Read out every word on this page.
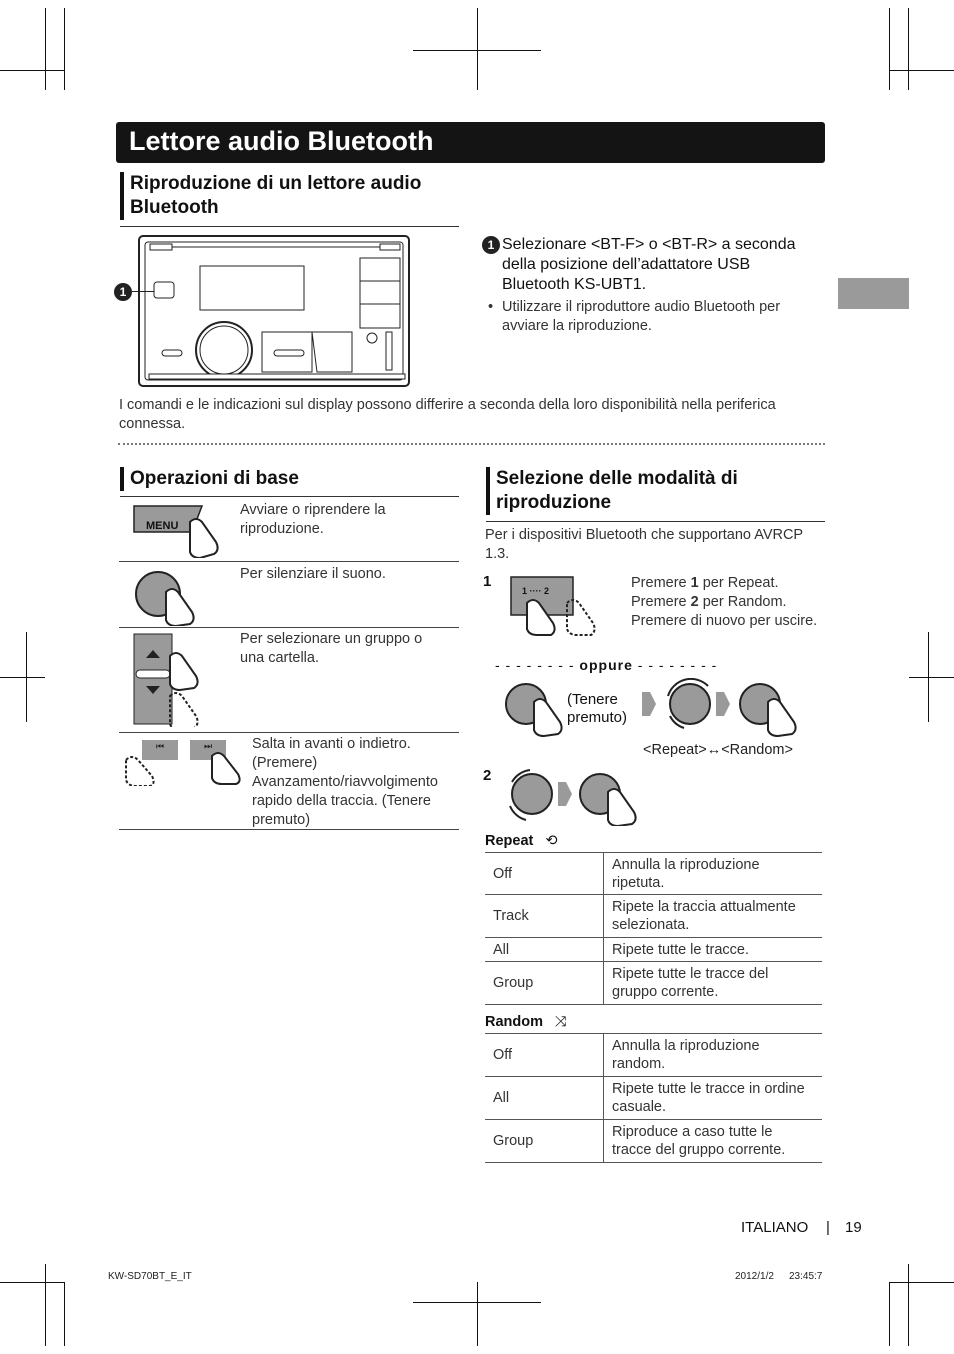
Lettore audio Bluetooth
Riproduzione di un lettore audio Bluetooth
1
1 Selezionare <BT-F> o <BT-R> a seconda della posizione dell’adattatore USB Bluetooth KS-UBT1.
• Utilizzare il riproduttore audio Bluetooth per avviare la riproduzione.
I comandi e le indicazioni sul display possono differire a seconda della loro disponibilità nella periferica connessa.
Operazioni di base
MENU
Avviare o riprendere la riproduzione.
Per silenziare il suono.
Per selezionare un gruppo o una cartella.
⏮	⏭	Salta in avanti o indietro. (Premere) Avanzamento/riavvolgimento rapido della traccia. (Tenere premuto)
Selezione delle modalità di riproduzione
Per i dispositivi Bluetooth che supportano AVRCP 1.3.
1
1 ···· 2	Premere 1 per Repeat.
Premere 2 per Random.
Premere di nuovo per uscire.
- - - - - - - - oppure - - - - - - - -
(Tenere premuto)
<Repeat>↔<Random>
2
Repeat ⟲
Off	Annulla la riproduzione ripetuta.
Track	Ripete la traccia attualmente selezionata.
All	Ripete tutte le tracce.
Group	Ripete tutte le tracce del gruppo corrente.
Random ⤨
Off	Annulla la riproduzione random.
All	Ripete tutte le tracce in ordine casuale.
Group	Riproduce a caso tutte le tracce del gruppo corrente.
ITALIANO | 19
KW-SD70BT_E_IT	2012/1/2 23:45:7
